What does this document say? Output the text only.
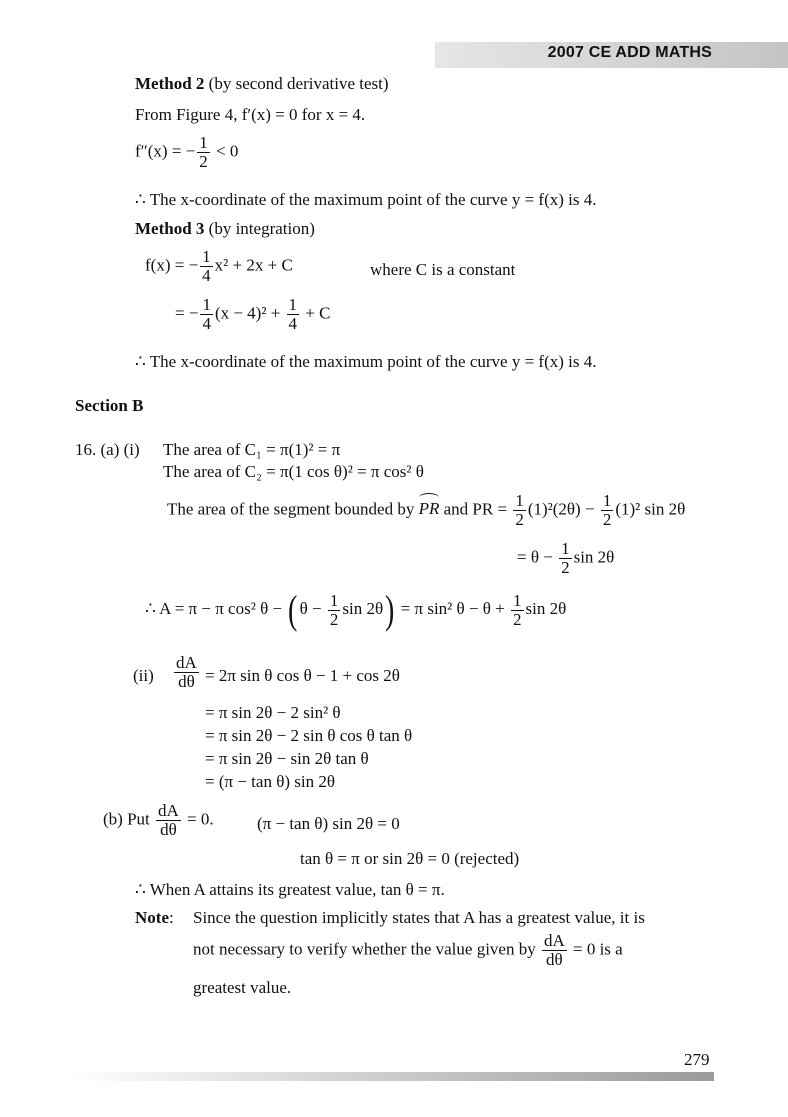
2007 CE ADD MATHS
Method 2 (by second derivative test)
From Figure 4, f′(x) = 0 for x = 4.
f″(x) = − $\frac{1}{2} < 0$
∴ The x-coordinate of the maximum point of the curve y = f(x) is 4.
Method 3 (by integration)
f(x) = − $\frac{1}{4} x^2 + 2x + C$	where C is a constant
= − $\frac{1}{4} (x - 4)^2 + \frac{1}{4} + C$
∴ The x-coordinate of the maximum point of the curve y = f(x) is 4.
Section B
16. (a) (i) The area of C₁ = π(1)² = π
The area of C₂ = π(1 cos θ)² = π cos² θ
The area of the segment bounded by PR and PR = $\frac{1}{2} (1)^2(2\theta) - \frac{1}{2} (1)^2$ sin 2θ
= $\theta - \frac{1}{2}$ sin 2θ
∴ A = π − π cos² θ − ( $\theta - \frac{1}{2}$ sin 2θ) = π sin² $\theta - \theta + \frac{1}{2}$ sin 2θ
$(ii) \frac{dA}{d\theta} = 2\pi$ sin θ cos θ − 1 + cos 2θ
= π sin 2θ − 2 sin² θ
= π sin 2θ − 2 sin θ cos θ tan θ
= π sin 2θ − sin 2θ tan θ
= (π − tan θ) sin 2θ
(b) Put $\frac{dA}{d\theta} = 0$.	(π − tan θ) sin 2θ = 0
tan θ = π or sin 2θ = 0 (rejected)
∴ When A attains its greatest value, tan θ = π.
Note: Since the question implicitly states that A has a greatest value, it is
not necessary to verify whether the value given by $\frac{dA}{d\theta} = 0$ is a
greatest value.
279
